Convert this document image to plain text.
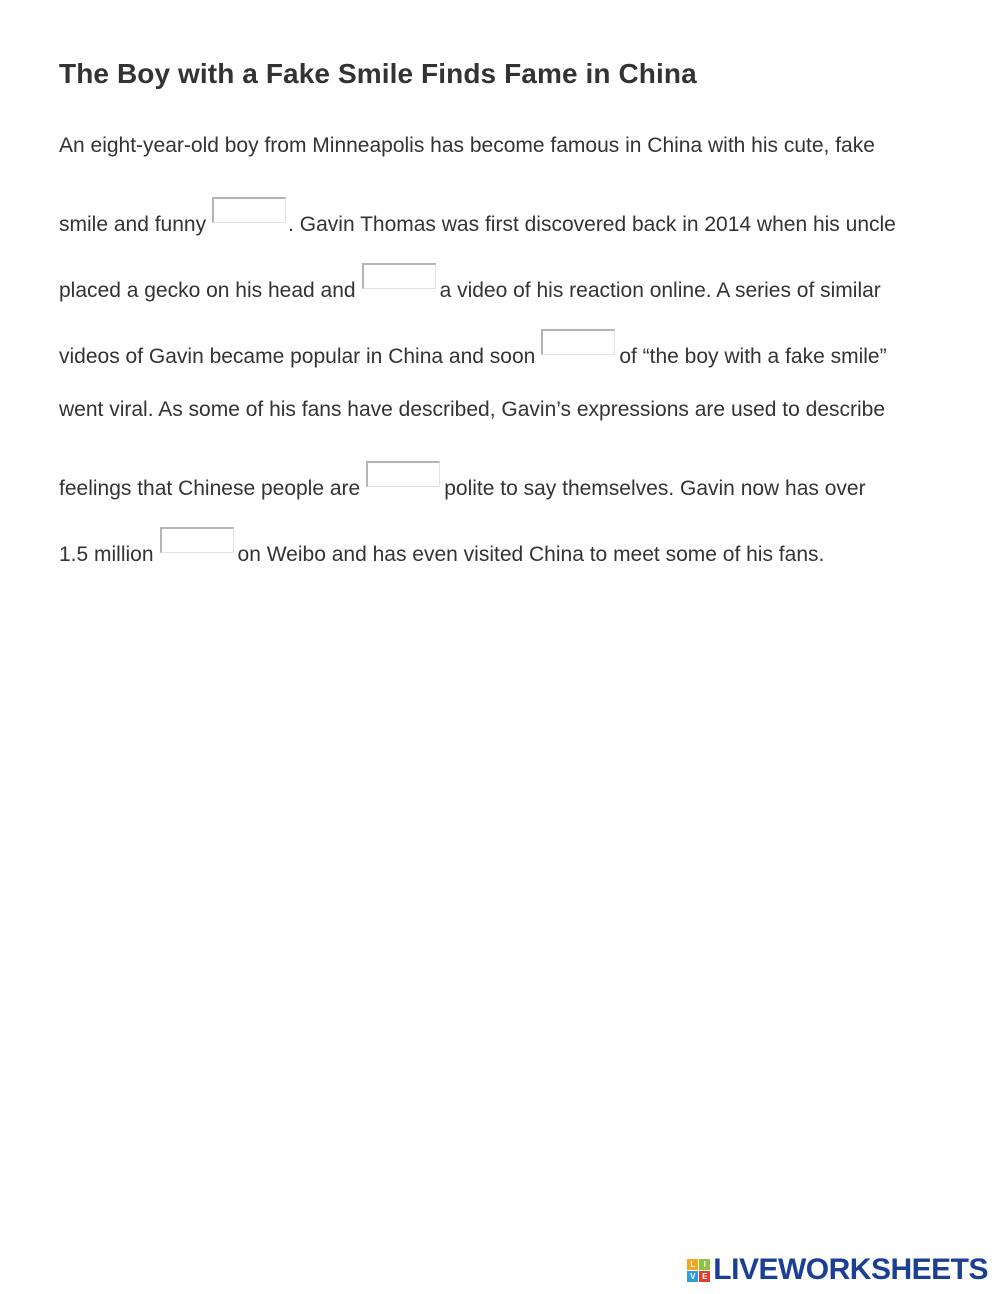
The Boy with a Fake Smile Finds Fame in China
An eight-year-old boy from Minneapolis has become famous in China with his cute, fake
smile and funny	. Gavin Thomas was first discovered back in 2014 when his uncle
placed a gecko on his head and	a video of his reaction online. A series of similar
videos of Gavin became popular in China and soon	of “the boy with a fake smile”
went viral. As some of his fans have described, Gavin’s expressions are used to describe
feelings that Chinese people are	polite to say themselves. Gavin now has over
1.5 million	on Weibo and has even visited China to meet some of his fans.
L	I
V E LIVEWORKSHEETS
